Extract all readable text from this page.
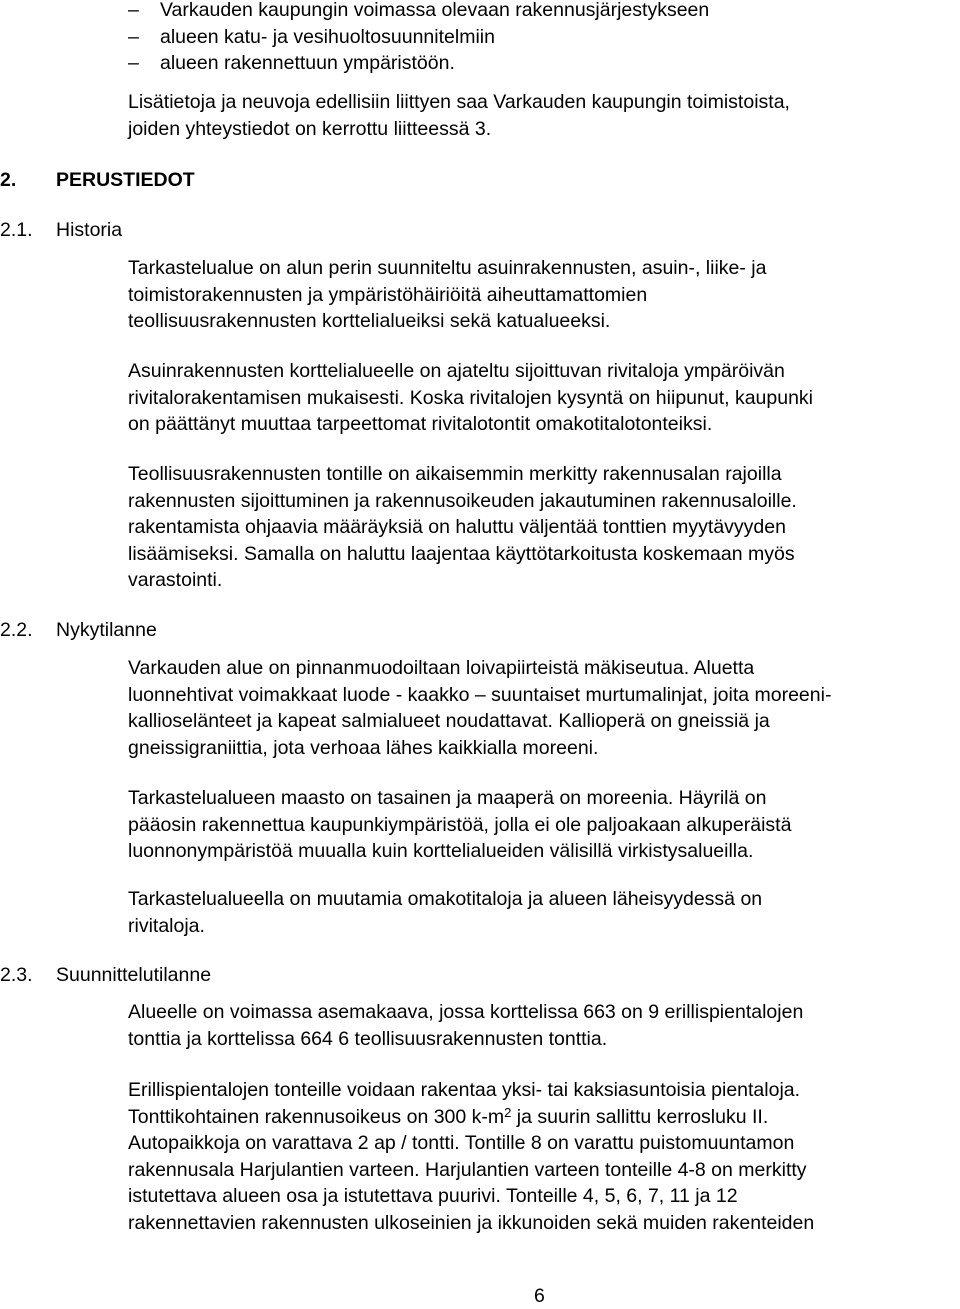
– Varkauden kaupungin voimassa olevaan rakennusjärjestykseen
– alueen katu- ja vesihuoltosuunnitelmiin
– alueen rakennettuun ympäristöön.

Lisätietoja ja neuvoja edellisiin liittyen saa Varkauden kaupungin toimistoista,
joiden yhteystiedot on kerrottu liitteessä 3.

2. PERUSTIEDOT
2.1. Historia

Tarkastelualue on alun perin suunniteltu asuinrakennusten, asuin-, liike- ja
toimistorakennusten ja ympäristöhäiriöitä aiheuttamattomien
teollisuusrakennusten korttelialueiksi sekä katualueeksi.

Asuinrakennusten korttelialueelle on ajateltu sijoittuvan rivitaloja ympäröivän
rivitalorakentamisen mukaisesti. Koska rivitalojen kysyntä on hiipunut, kaupunki
on päättänyt muuttaa tarpeettomat rivitalotontit omakotitalotonteiksi.

Teollisuusrakennusten tontille on aikaisemmin merkitty rakennusalan rajoilla
rakennusten sijoittuminen ja rakennusoikeuden jakautuminen rakennusaloille.
rakentamista ohjaavia määräyksiä on haluttu väljentää tonttien myytävyyden
lisäämiseksi. Samalla on haluttu laajentaa käyttötarkoitusta koskemaan myös
varastointi.

2.2. Nykytilanne

Varkauden alue on pinnanmuodoiltaan loivapiirteistä mäkiseutua. Aluetta
luonnehtivat voimakkaat luode - kaakko – suuntaiset murtumalinjat, joita moreeni-
kallioselänteet ja kapeat salmialueet noudattavat. Kallioperä on gneissiä ja
gneissigraniittia, jota verhoaa lähes kaikkialla moreeni.

Tarkastelualueen maasto on tasainen ja maaperä on moreenia. Häyrilä on
pääosin rakennettua kaupunkiympäristöä, jolla ei ole paljoakaan alkuperäistä
luonnonympäristöä muualla kuin korttelialueiden välisillä virkistysalueilla.

Tarkastelualueella on muutamia omakotitaloja ja alueen läheisyydessä on
rivitaloja.

2.3. Suunnittelutilanne

Alueelle on voimassa asemakaava, jossa korttelissa 663 on 9 erillispientalojen
tonttia ja korttelissa 664 6 teollisuusrakennusten tonttia.

Erillispientalojen tonteille voidaan rakentaa yksi- tai kaksiasuntoisia pientaloja.
Tonttikohtainen rakennusoikeus on 300 $k-m^2$ ja suurin sallittu kerrosluku II.
Autopaikkoja on varattava 2 ap / tontti. Tontille 8 on varattu puistomuuntamon
rakennusala Harjulantien varteen. Harjulantien varteen tonteille 4-8 on merkitty
istutettava alueen osa ja istutettava puurivi. Tonteille 4, 5, 6, 7, 11 ja 12
rakennettavien rakennusten ulkoseinien ja ikkunoiden sekä muiden rakenteiden

6
